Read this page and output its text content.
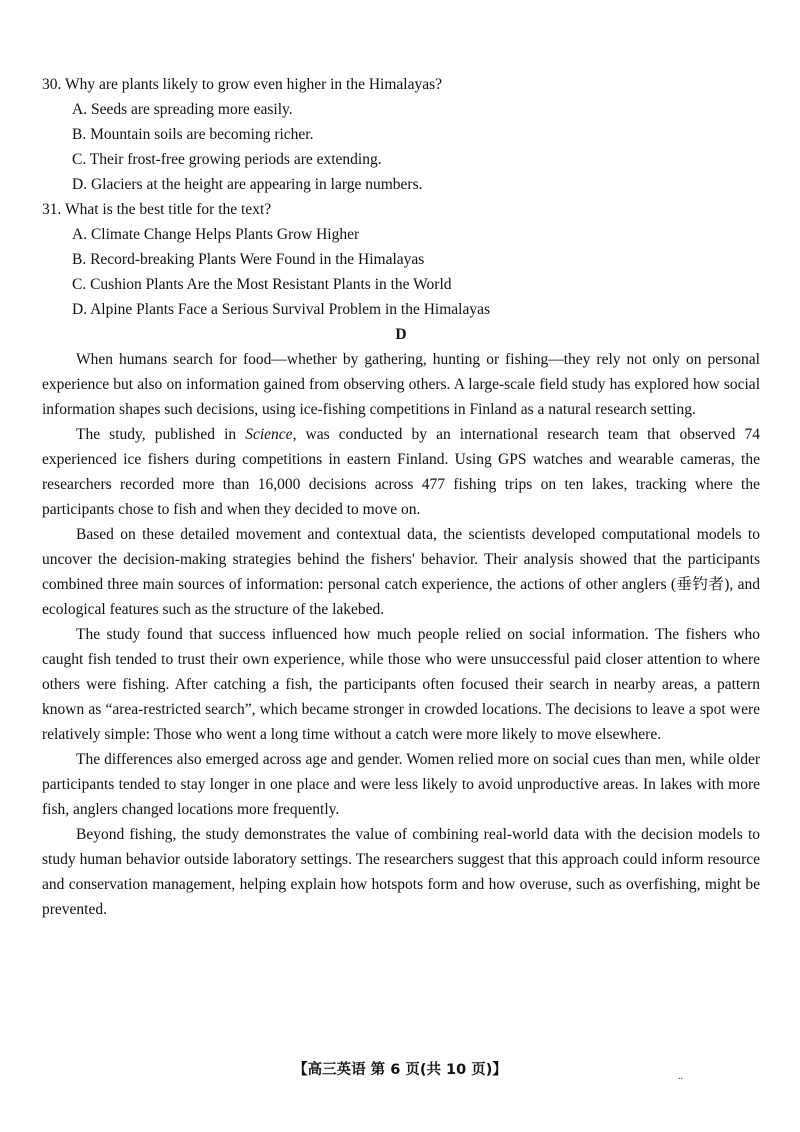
30. Why are plants likely to grow even higher in the Himalayas?

A. Seeds are spreading more easily.

B. Mountain soils are becoming richer.

C. Their frost-free growing periods are extending.

D. Glaciers at the height are appearing in large numbers.

31. What is the best title for the text?

A. Climate Change Helps Plants Grow Higher

B. Record-breaking Plants Were Found in the Himalayas

C. Cushion Plants Are the Most Resistant Plants in the World

D. Alpine Plants Face a Serious Survival Problem in the Himalayas

D

When humans search for food—whether by gathering, hunting or fishing—they rely not only on personal experience but also on information gained from observing others. A large-scale field study has explored how social information shapes such decisions, using ice-fishing competitions in Finland as a natural research setting.

The study, published in Science, was conducted by an international research team that observed 74 experienced ice fishers during competitions in eastern Finland. Using GPS watches and wearable cameras, the researchers recorded more than 16,000 decisions across 477 fishing trips on ten lakes, tracking where the participants chose to fish and when they decided to move on.

Based on these detailed movement and contextual data, the scientists developed computational models to uncover the decision-making strategies behind the fishers' behavior. Their analysis showed that the participants combined three main sources of information: personal catch experience, the actions of other anglers (垂钓者), and ecological features such as the structure of the lakebed.

The study found that success influenced how much people relied on social information. The fishers who caught fish tended to trust their own experience, while those who were unsuccessful paid closer attention to where others were fishing. After catching a fish, the participants often focused their search in nearby areas, a pattern known as “area-restricted search”, which became stronger in crowded locations. The decisions to leave a spot were relatively simple: Those who went a long time without a catch were more likely to move elsewhere.

The differences also emerged across age and gender. Women relied more on social cues than men, while older participants tended to stay longer in one place and were less likely to avoid unproductive areas. In lakes with more fish, anglers changed locations more frequently.

Beyond fishing, the study demonstrates the value of combining real-world data with the decision models to study human behavior outside laboratory settings. The researchers suggest that this approach could inform resource and conservation management, helping explain how hotspots form and how overuse, such as overfishing, might be prevented.

【高三英语 第 6 页(共 10 页)】	..
